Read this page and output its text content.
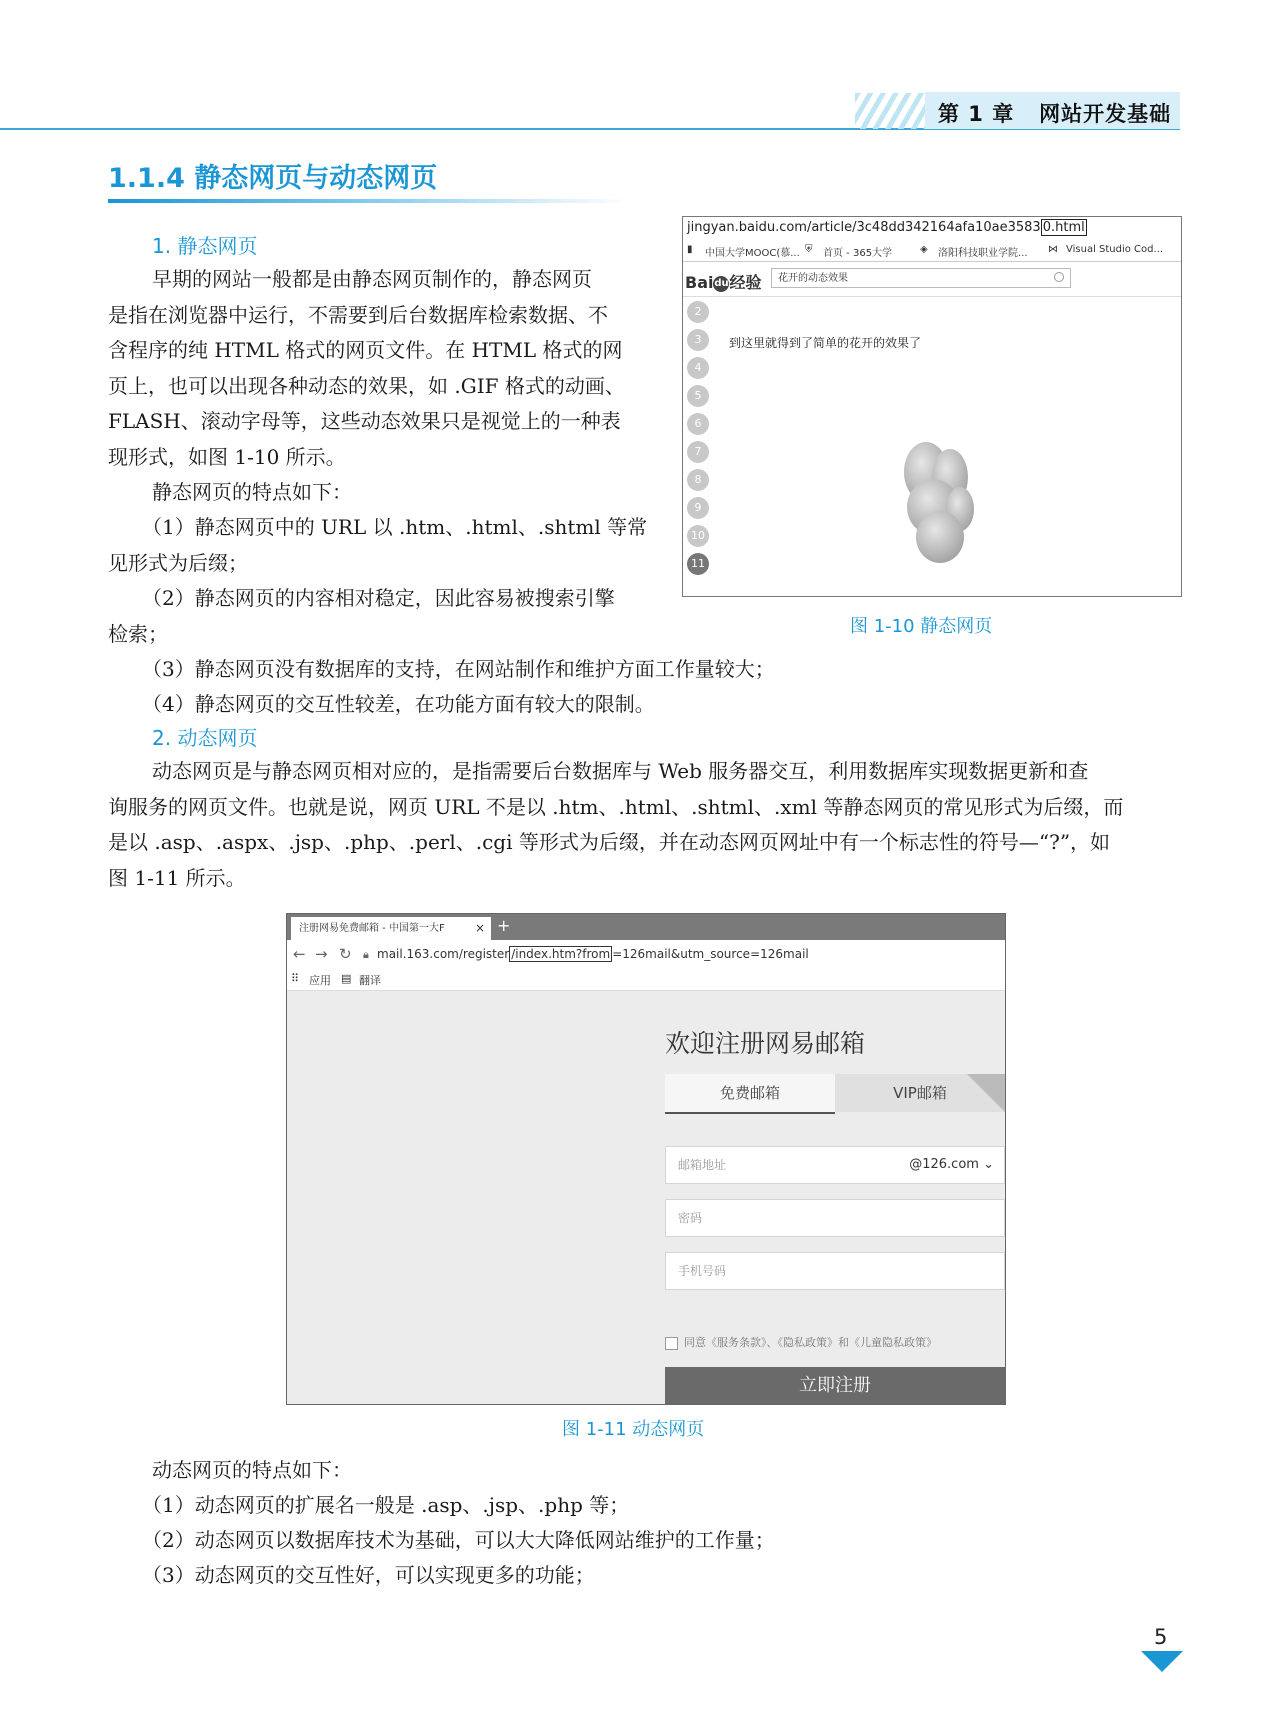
第 1 章 网站开发基础
1.1.4 静态网页与动态网页
1. 静态网页

早期的网站一般都是由静态网页制作的，静态网页
是指在浏览器中运行，不需要到后台数据库检索数据、不
含程序的纯 HTML 格式的网页文件。在 HTML 格式的网
页上，也可以出现各种动态的效果，如 .GIF 格式的动画、
FLASH、滚动字母等，这些动态效果只是视觉上的一种表
现形式，如图 1-10 所示。

静态网页的特点如下：

（1）静态网页中的 URL 以 .htm、.html、.shtml 等常
见形式为后缀；

（2）静态网页的内容相对稳定，因此容易被搜索引擎
检索；

（3）静态网页没有数据库的支持，在网站制作和维护方面工作量较大；

（4）静态网页的交互性较差，在功能方面有较大的限制。

jingyan.baidu.com/article/3c48dd342164afa10ae3583 0.html
▮ 中国大学MOOC(慕... ⛨ 首页 - 365大学	◈ 洛阳科技职业学院... ⋈ Visual Studio Cod...
Baidu经验	花开的动态效果
2
3
4
5
6
7
8
9
10
11
到这里就得到了简单的花开的效果了
图 1-10 静态网页
2. 动态网页

动态网页是与静态网页相对应的，是指需要后台数据库与 Web 服务器交互，利用数据库实现数据更新和查
询服务的网页文件。也就是说，网页 URL 不是以 .htm、.html、.shtml、.xml 等静态网页的常见形式为后缀，而
是以 .asp、.aspx、.jsp、.php、.perl、.cgi 等形式为后缀，并在动态网页网址中有一个标志性的符号—“?”，如
图 1-11 所示。

注册网易免费邮箱 - 中国第一大F	× +
← → ↻ 🔒︎ mail.163.com/register /index.htm?from =126mail&utm_source=126mail
⠿ 应用 ▤ 翻译
欢迎注册网易邮箱
免费邮箱	VIP邮箱
邮箱地址	@126.com ⌄
密码
手机号码
同意《服务条款》、《隐私政策》和《儿童隐私政策》
立即注册
图 1-11 动态网页

动态网页的特点如下：

（1）动态网页的扩展名一般是 .asp、.jsp、.php 等；

（2）动态网页以数据库技术为基础，可以大大降低网站维护的工作量；

（3）动态网页的交互性好，可以实现更多的功能；

5
